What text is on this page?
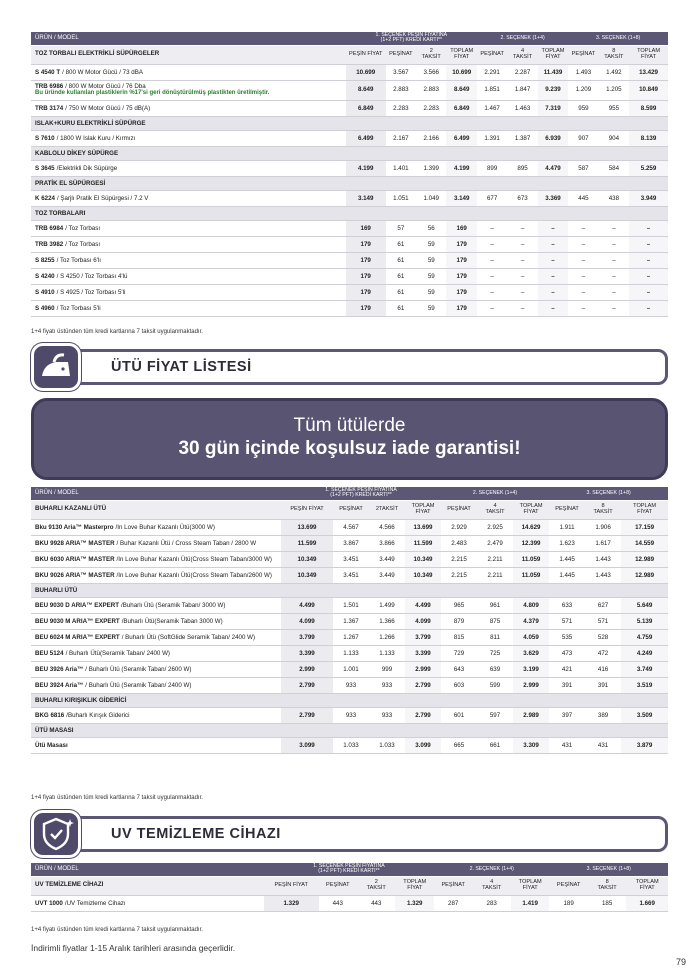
ÜRÜN / MODEL	1. SEÇENEK PEŞİN FİYATINA
(1+2 PFT) KREDİ KARTI**				2. SEÇENEK (1+4)			3. SEÇENEK (1+8)		
TOZ TORBALI ELEKTRİKLİ SÜPÜRGELER	PEŞİN FİYAT	PEŞİNAT	2
TAKSİT	TOPLAM
FİYAT	PEŞİNAT	4
TAKSİT	TOPLAM
FİYAT	PEŞİNAT	8
TAKSİT	TOPLAM
FİYAT
S 4540 T / 800 W Motor Gücü / 73 dBA	10.699	3.567	3.566	10.699	2.291	2.287	11.439	1.493	1.492	13.429
TRB 6986 / 800 W Motor Gücü / 76 Dba
Bu üründe kullanılan plastiklerin %17'si geri dönüştürülmüş plastikten üretilmiştir.	8.649	2.883	2.883	8.649	1.851	1.847	9.239	1.209	1.205	10.849
TRB 3174 / 750 W Motor Gücü / 75 dB(A)	6.849	2.283	2.283	6.849	1.467	1.463	7.319	959	955	8.599
ISLAK+KURU ELEKTRİKLİ SÜPÜRGE										
S 7610 / 1800 W Islak Kuru / Kırmızı	6.499	2.167	2.166	6.499	1.391	1.387	6.939	907	904	8.139
KABLOLU DİKEY SÜPÜRGE										
S 3645 /Elektrikli Dik Süpürge	4.199	1.401	1.399	4.199	899	895	4.479	587	584	5.259
PRATİK EL SÜPÜRGESİ										
K 6224 / Şarjlı Pratik El Süpürgesi / 7.2 V	3.149	1.051	1.049	3.149	677	673	3.369	445	438	3.949
TOZ TORBALARI										
TRB 6984 / Toz Torbası	169	57	56	169	–	–	–	–	–	–
TRB 3982 / Toz Torbası	179	61	59	179	–	–	–	–	–	–
S 8255 / Toz Torbası 6'lı	179	61	59	179	–	–	–	–	–	–
S 4240 / S 4250 / Toz Torbası 4'lü	179	61	59	179	–	–	–	–	–	–
S 4910 / S 4925 / Toz Torbası 5'li	179	61	59	179	–	–	–	–	–	–
S 4960 / Toz Torbası 5'li	179	61	59	179	–	–	–	–	–	–
1+4 fiyatı üstünden tüm kredi kartlarına 7 taksit uygulanmaktadır.
ÜTÜ FİYAT LİSTESİ
Tüm ütülerde
30 gün içinde koşulsuz iade garantisi!
ÜRÜN / MODEL	1. SEÇENEK PEŞİN FİYATINA
(1+2 PFT) KREDİ KARTI**				2. SEÇENEK (1+4)			3. SEÇENEK (1+8)		
BUHARLI KAZANLI ÜTÜ	PEŞİN FİYAT	PEŞİNAT	2TAKSİT	TOPLAM
FİYAT	PEŞİNAT	4
TAKSİT	TOPLAM
FİYAT	PEŞİNAT	8
TAKSİT	TOPLAM
FİYAT
Bku 9130 Aria™ Masterpro /In Love Buhar Kazanlı Ütü(3000 W)	13.699	4.567	4.566	13.699	2.929	2.925	14.629	1.911	1.906	17.159
BKU 9928 ARIA™ MASTER / Buhar Kazanlı Ütü / Cross Steam Taban / 2800 W	11.599	3.867	3.866	11.599	2.483	2.479	12.399	1.623	1.617	14.559
BKU 6030 ARIA™ MASTER /In Love Buhar Kazanlı Ütü(Cross Steam Taban/3000 W)	10.349	3.451	3.449	10.349	2.215	2.211	11.059	1.445	1.443	12.989
BKU 9026 ARIA™ MASTER /In Love Buhar Kazanlı Ütü(Cross Steam Taban/2600 W)	10.349	3.451	3.449	10.349	2.215	2.211	11.059	1.445	1.443	12.989
BUHARLI ÜTÜ										
BEU 9030 D ARIA™ EXPERT /Buharlı Ütü (Seramik Taban/ 3000 W)	4.499	1.501	1.499	4.499	965	961	4.809	633	627	5.649
BEU 9030 M ARIA™ EXPERT /Buharlı Ütü(Seramik Taban 3000 W)	4.099	1.367	1.366	4.099	879	875	4.379	571	571	5.139
BEU 6024 M ARIA™ EXPERT / Buharlı Ütü (SoftGlide Seramik Taban/ 2400 W)	3.799	1.267	1.266	3.799	815	811	4.059	535	528	4.759
BEU 5124 / Buharlı Ütü(Seramik Taban/ 2400 W)	3.399	1.133	1.133	3.399	729	725	3.629	473	472	4.249
BEU 3926 Aria™ / Buharlı Ütü (Seramik Taban/ 2600 W)	2.999	1.001	999	2.999	643	639	3.199	421	416	3.749
BEU 3924 Aria™ / Buharlı Ütü (Seramik Taban/ 2400 W)	2.799	933	933	2.799	603	599	2.999	391	391	3.519
BUHARLI KIRIŞIKLIK GİDERİCİ										
BKG 6816 /Buharlı Kırışık Giderici	2.799	933	933	2.799	601	597	2.989	397	389	3.509
ÜTÜ MASASI										
Ütü Masası	3.099	1.033	1.033	3.099	665	661	3.309	431	431	3.879
1+4 fiyatı üstünden tüm kredi kartlarına 7 taksit uygulanmaktadır.
UV TEMİZLEME CİHAZI
ÜRÜN / MODEL	1. SEÇENEK PEŞİN FİYATINA
(1+2 PFT) KREDİ KARTI**				2. SEÇENEK (1+4)			3. SEÇENEK (1+8)		
UV TEMİZLEME CİHAZI	PEŞİN FİYAT	PEŞİNAT	2
TAKSİT	TOPLAM
FİYAT	PEŞİNAT	4
TAKSİT	TOPLAM
FİYAT	PEŞİNAT	8
TAKSİT	TOPLAM
FİYAT
UVT 1000 /UV Temizleme Cihazı	1.329	443	443	1.329	287	283	1.419	189	185	1.669
1+4 fiyatı üstünden tüm kredi kartlarına 7 taksit uygulanmaktadır.
İndirimli fiyatlar 1-15 Aralık tarihleri arasında geçerlidir.
79
